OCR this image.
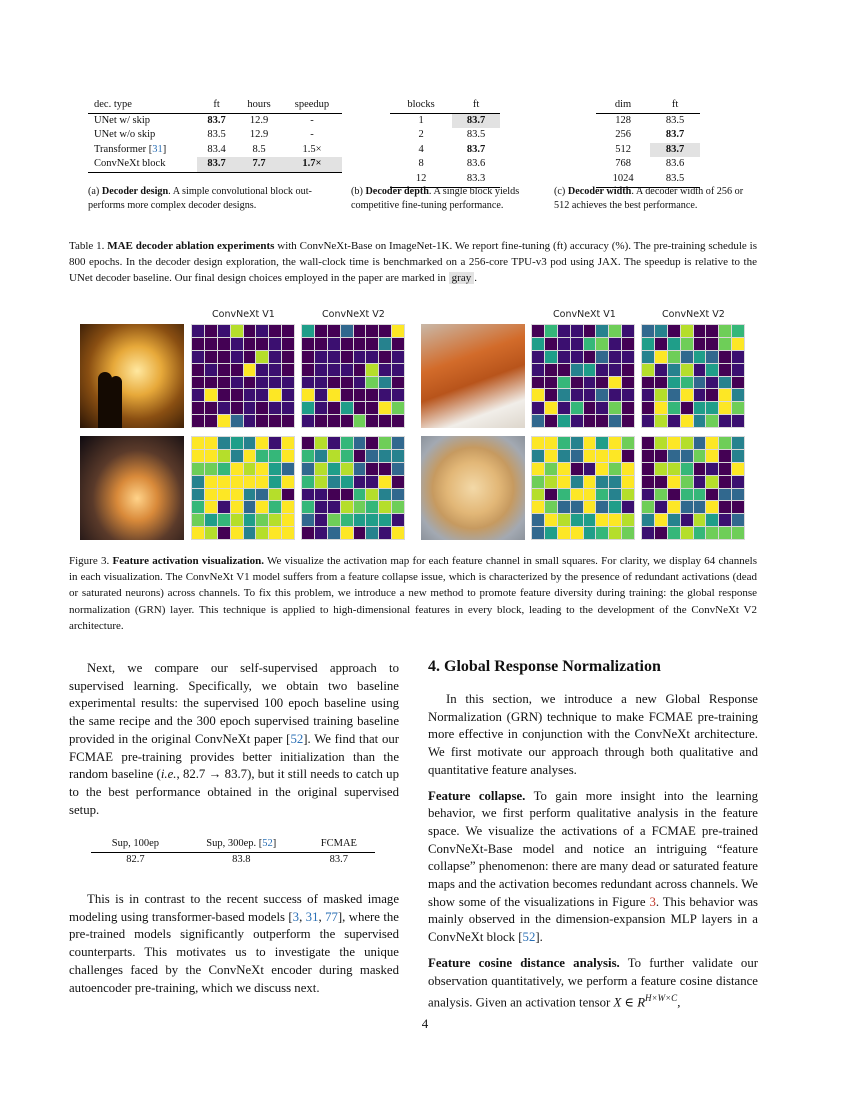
dec. type	ft	hours	speedup
UNet w/ skip	83.7	12.9	-
UNet w/o skip	83.5	12.9	-
Transformer [31]	83.4	8.5	1.5×
ConvNeXt block	83.7	7.7	1.7×
(a) Decoder design. A simple convolutional block out-performs more complex decoder designs.
blocks	ft
1	83.7
2	83.5
4	83.7
8	83.6
12	83.3
(b) Decoder depth. A single block yields competitive fine-tuning performance.
dim	ft
128	83.5
256	83.7
512	83.7
768	83.6
1024	83.5
(c) Decoder width. A decoder width of 256 or 512 achieves the best performance.
Table 1. MAE decoder ablation experiments with ConvNeXt-Base on ImageNet-1K. We report fine-tuning (ft) accuracy (%). The pre-training schedule is 800 epochs. In the decoder design exploration, the wall-clock time is benchmarked on a 256-core TPU-v3 pod using JAX. The speedup is relative to the UNet decoder baseline. Our final design choices employed in the paper are marked in gray .
ConvNeXt V1	ConvNeXt V2	ConvNeXt V1	ConvNeXt V2
Figure 3. Feature activation visualization. We visualize the activation map for each feature channel in small squares. For clarity, we display 64 channels in each visualization. The ConvNeXt V1 model suffers from a feature collapse issue, which is characterized by the presence of redundant activations (dead or saturated neurons) across channels. To fix this problem, we introduce a new method to promote feature diversity during training: the global response normalization (GRN) layer. This technique is applied to high-dimensional features in every block, leading to the development of the ConvNeXt V2 architecture.

Next, we compare our self-supervised approach to supervised learning. Specifically, we obtain two baseline experimental results: the supervised 100 epoch baseline using the same recipe and the 300 epoch supervised training baseline provided in the original ConvNeXt paper [52]. We find that our FCMAE pre-training provides better initialization than the random baseline (i.e., 82.7 → 83.7), but it still needs to catch up to the best performance obtained in the original supervised setup.

Sup, 100ep	Sup, 300ep. [52]	FCMAE
82.7	83.8	83.7

This is in contrast to the recent success of masked image modeling using transformer-based models [3, 31, 77], where the pre-trained models significantly outperform the supervised counterparts. This motivates us to investigate the unique challenges faced by the ConvNeXt encoder during masked autoencoder pre-training, which we discuss next.

4. Global Response Normalization

In this section, we introduce a new Global Response Normalization (GRN) technique to make FCMAE pre-training more effective in conjunction with the ConvNeXt architecture. We first motivate our approach through both qualitative and quantitative feature analyses.

Feature collapse. To gain more insight into the learning behavior, we first perform qualitative analysis in the feature space. We visualize the activations of a FCMAE pre-trained ConvNeXt-Base model and notice an intriguing “feature collapse” phenomenon: there are many dead or saturated feature maps and the activation becomes redundant across channels. We show some of the visualizations in Figure 3. This behavior was mainly observed in the dimension-expansion MLP layers in a ConvNeXt block [52].

Feature cosine distance analysis. To further validate our observation quantitatively, we perform a feature cosine distance analysis. Given an activation tensor X ∈ $R^{H\times W\times C}$,

4
